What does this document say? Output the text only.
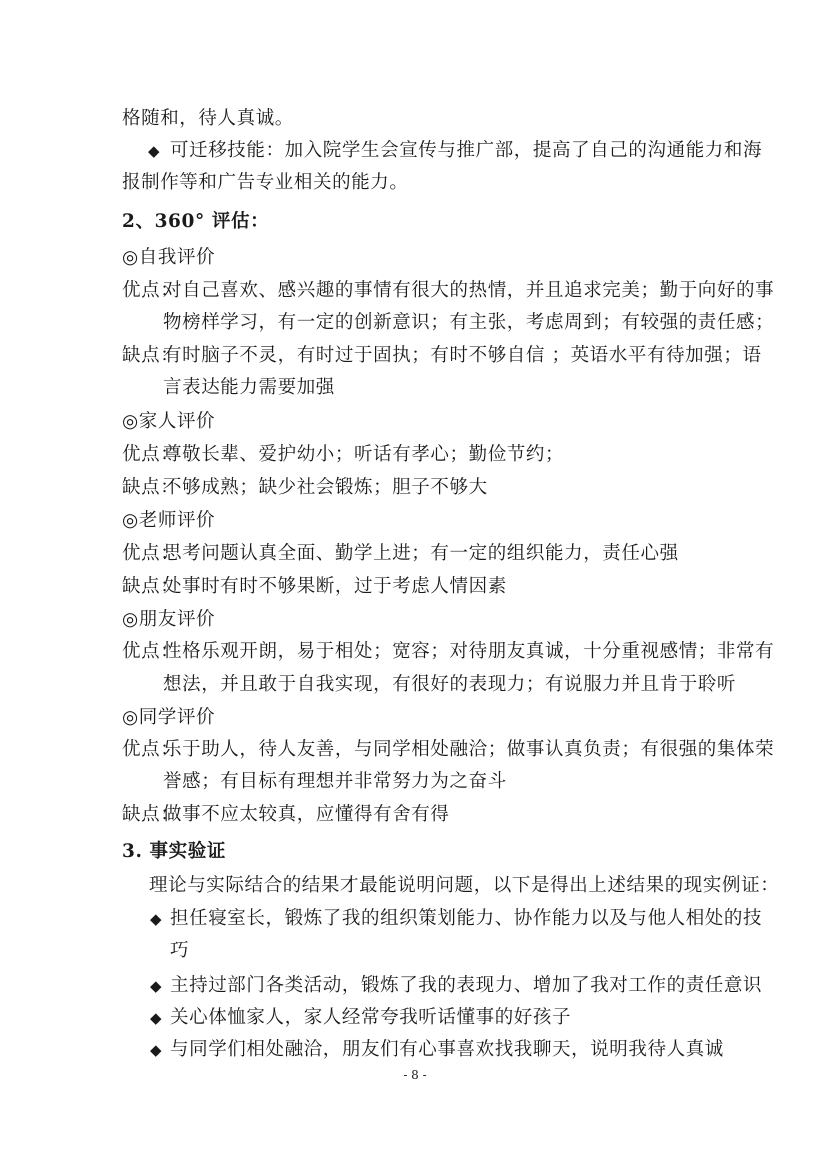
格随和，待人真诚。
◆ 可迁移技能：加入院学生会宣传与推广部，提高了自己的沟通能力和海
报制作等和广告专业相关的能力。
2、360° 评估：
◎自我评价
优点：
对自己喜欢、感兴趣的事情有很大的热情，并且追求完美；勤于向好的事
物榜样学习，有一定的创新意识；有主张，考虑周到；有较强的责任感；
缺点：
有时脑子不灵，有时过于固执；有时不够自信 ；英语水平有待加强；语
言表达能力需要加强
◎家人评价
优点：
尊敬长辈、爱护幼小；听话有孝心；勤俭节约；
缺点：
不够成熟；缺少社会锻炼；胆子不够大
◎老师评价
优点：
思考问题认真全面、勤学上进；有一定的组织能力，责任心强
缺点：
处事时有时不够果断，过于考虑人情因素
◎朋友评价
优点：
性格乐观开朗，易于相处；宽容；对待朋友真诚，十分重视感情；非常有
想法，并且敢于自我实现，有很好的表现力；有说服力并且肯于聆听
◎同学评价
优点：
乐于助人，待人友善，与同学相处融洽；做事认真负责；有很强的集体荣
誉感；有目标有理想并非常努力为之奋斗
缺点：
做事不应太较真，应懂得有舍有得
3. 事实验证
理论与实际结合的结果才最能说明问题，以下是得出上述结果的现实例证：
◆ 担任寝室长，锻炼了我的组织策划能力、协作能力以及与他人相处的技
巧
◆ 主持过部门各类活动，锻炼了我的表现力、增加了我对工作的责任意识
◆ 关心体恤家人，家人经常夸我听话懂事的好孩子
◆ 与同学们相处融洽，朋友们有心事喜欢找我聊天，说明我待人真诚
- 8 -
